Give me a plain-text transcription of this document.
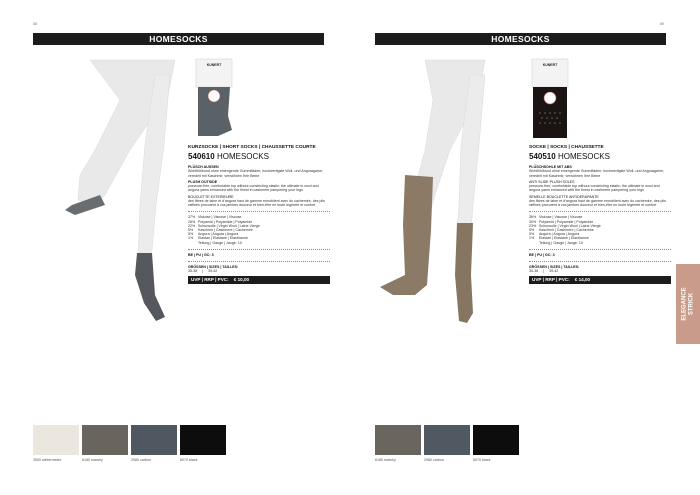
88	89
HOMESOCKS	HOMESOCKS
KUNERT
KURZSOCKE | SHORT SOCKS | CHAUSSETTE COURTE
540610 HOMESOCKS
PLÜSCH AUSSEN
Wohlfühlbund ohne einengende Gummifäden; hochwertigste Woll- und Angoragarne, veredelt mit Kaschmir, verwöhnen Ihre Beine
PLUSH OUTSIDE
pressure-free, comfortable top without constricting elastic; the ultimate in wool and angora yarns enhanced with the finest in cashmere pampering your legs
BOUCLETTE EXTERIEURE
des fibres de laine et d'angora haut de gamme ennoblient avec du cachemire, des plis raffinés procurent à vos jambes douceur et bien-être en toute légèreté et confort
37% Viskose | Viscose | Viscose
28% Polyamid | Polyamide | Polyamide
22% Schurwolle | Virgin Wool | Laine Vierge
5%	Kaschmir | Cashmere | Cachemire
5%	Angora | Angora | Angora
1%	Elastan | Elastane | Elasthanne
Teilung | Gauge | Jauge: 10
BE | PU | GC: 3
GRÖSSEN | SIZES | TAILLES:
35-38     |     39-42
UVP | RRP | PVC:    € 10,00
KUNERT
SOCKE | SOCKS | CHAUSSETTE
540510 HOMESOCKS
PLÜSCHSOHLE MIT ABS
Wohlfühlbund ohne einengende Gummifäden; hochwertigste Woll- und Angoragarne, veredelt mit Kaschmir, verwöhnen Ihre Beine
ANTI SLIDE PLUSH SOLES
pressure-free, comfortable top without constricting elastic; the ultimate in wool and angora yarns enhanced with the finest in cashmere pampering your legs
SEMELLE BOUCLETTE ANTIDERAPANTE
des fibres de laine et d'angora haut de gamme ennoblient avec du cachemire, des plis raffinés procurent à vos jambes douceur et bien-être en toute légèreté et confort
36% Viskose | Viscose | Viscose
30% Polyamid | Polyamide | Polyamide
23% Schurwolle | Virgin Wool | Laine Vierge
5%	Kaschmir | Cashmere | Cachemire
5%	Angora | Angora | Angora
1%	Elastan | Elastane | Elasthanne
Teilung | Gauge | Jauge: 10
BE | PU | GC: 3
GRÖSSEN | SIZES | TAILLES:
35-38     |     39-42
UVP | RRP | PVC:    € 14,00
3500 wintermelee	6180 marshy	2980 carbon	6070 black	6180 marshy	2980 carbon	6070 black
ELEGANCE STRICK
